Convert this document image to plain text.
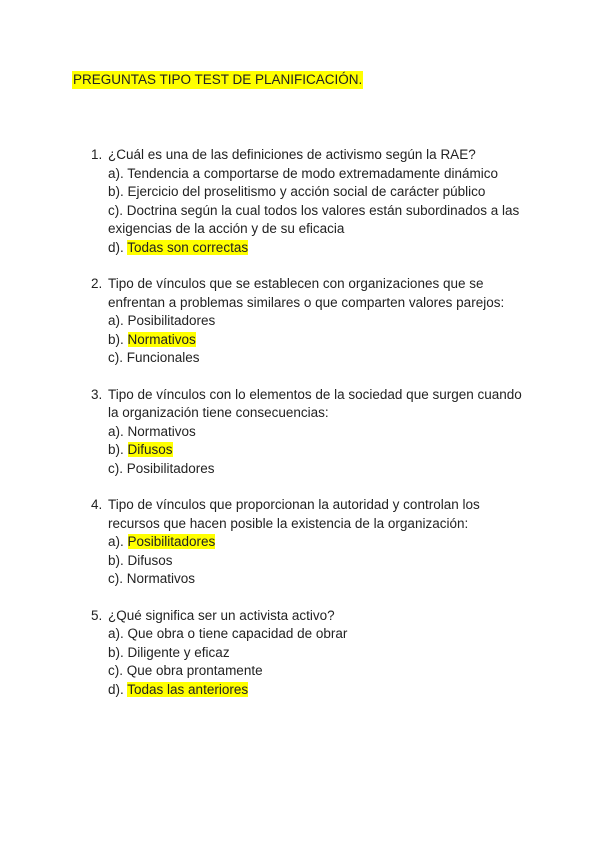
PREGUNTAS TIPO TEST DE PLANIFICACIÓN.
1. ¿Cuál es una de las definiciones de activismo según la RAE?
a). Tendencia a comportarse de modo extremadamente dinámico
b). Ejercicio del proselitismo y acción social de carácter público
c). Doctrina según la cual todos los valores están subordinados a las exigencias de la acción y de su eficacia
d). Todas son correctas
2. Tipo de vínculos que se establecen con organizaciones que se enfrentan a problemas similares o que comparten valores parejos:
a). Posibilitadores
b). Normativos
c). Funcionales
3. Tipo de vínculos con lo elementos de la sociedad que surgen cuando la organización tiene consecuencias:
a). Normativos
b). Difusos
c). Posibilitadores
4. Tipo de vínculos que proporcionan la autoridad y controlan los recursos que hacen posible la existencia de la organización:
a). Posibilitadores
b). Difusos
c). Normativos
5. ¿Qué significa ser un activista activo?
a). Que obra o tiene capacidad de obrar
b). Diligente y eficaz
c). Que obra prontamente
d). Todas las anteriores
